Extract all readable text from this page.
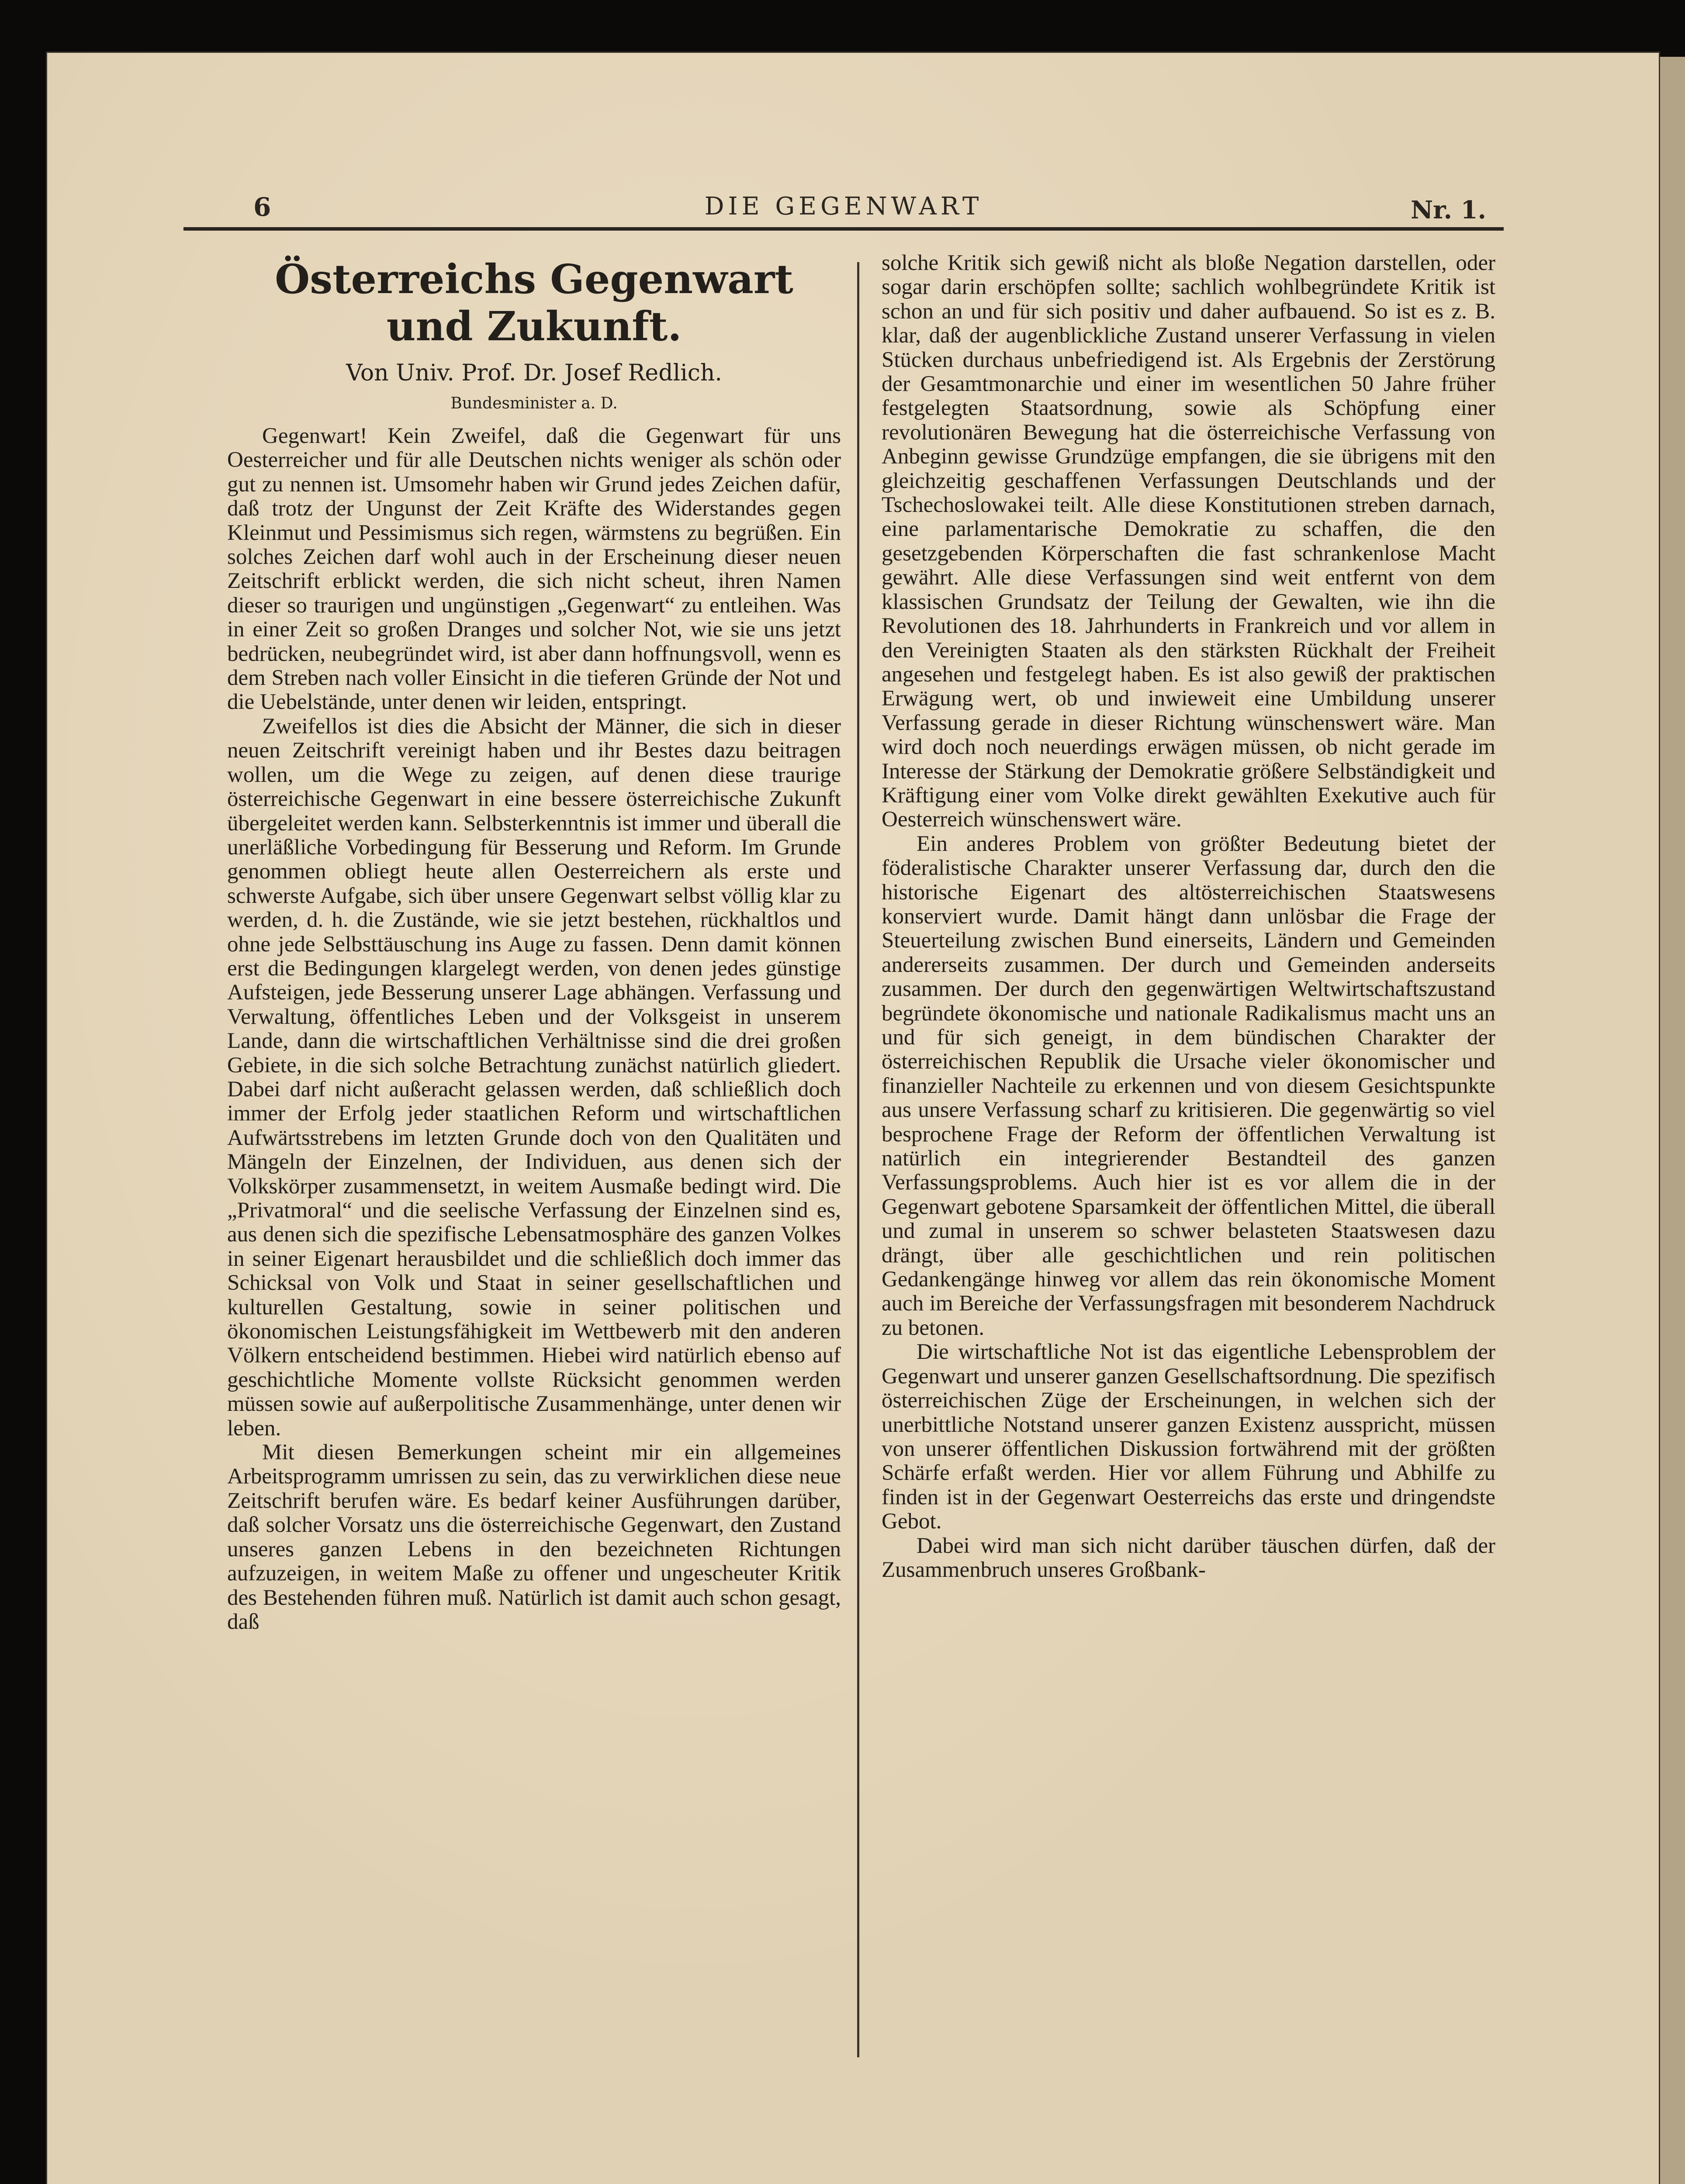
6	DIE GEGENWART	Nr. 1.
Österreichs Gegenwart
und Zukunft.
Von Univ. Prof. Dr. Josef Redlich.
Bundesminister a. D.

Gegenwart! Kein Zweifel, daß die Gegenwart für uns Oesterreicher und für alle Deutschen nichts weniger als schön oder gut zu nennen ist. Umsomehr haben wir Grund jedes Zeichen dafür, daß trotz der Ungunst der Zeit Kräfte des Widerstandes gegen Kleinmut und Pessimismus sich regen, wärmstens zu begrüßen. Ein solches Zeichen darf wohl auch in der Erscheinung dieser neuen Zeitschrift erblickt werden, die sich nicht scheut, ihren Namen dieser so traurigen und ungünstigen „Gegenwart“ zu entleihen. Was in einer Zeit so großen Dranges und solcher Not, wie sie uns jetzt bedrücken, neubegründet wird, ist aber dann hoffnungsvoll, wenn es dem Streben nach voller Einsicht in die tieferen Gründe der Not und die Uebelstände, unter denen wir leiden, entspringt.

Zweifellos ist dies die Absicht der Männer, die sich in dieser neuen Zeitschrift vereinigt haben und ihr Bestes dazu beitragen wollen, um die Wege zu zeigen, auf denen diese traurige österreichische Gegenwart in eine bessere österreichische Zukunft übergeleitet werden kann. Selbsterkenntnis ist immer und überall die unerläßliche Vorbedingung für Besserung und Reform. Im Grunde genommen obliegt heute allen Oesterreichern als erste und schwerste Aufgabe, sich über unsere Gegenwart selbst völlig klar zu werden, d. h. die Zustände, wie sie jetzt bestehen, rückhaltlos und ohne jede Selbsttäuschung ins Auge zu fassen. Denn damit können erst die Bedingungen klargelegt werden, von denen jedes günstige Aufsteigen, jede Besserung unserer Lage abhängen. Verfassung und Verwaltung, öffentliches Leben und der Volksgeist in unserem Lande, dann die wirtschaftlichen Verhältnisse sind die drei großen Gebiete, in die sich solche Betrachtung zunächst natürlich gliedert. Dabei darf nicht außeracht gelassen werden, daß schließlich doch immer der Erfolg jeder staatlichen Reform und wirtschaftlichen Aufwärtsstrebens im letzten Grunde doch von den Qualitäten und Mängeln der Einzelnen, der Individuen, aus denen sich der Volkskörper zusammensetzt, in weitem Ausmaße bedingt wird. Die „Privatmoral“ und die seelische Verfassung der Einzelnen sind es, aus denen sich die spezifische Lebensatmosphäre des ganzen Volkes in seiner Eigenart herausbildet und die schließlich doch immer das Schicksal von Volk und Staat in seiner gesellschaftlichen und kulturellen Gestaltung, sowie in seiner politischen und ökonomischen Leistungsfähigkeit im Wettbewerb mit den anderen Völkern entscheidend bestimmen. Hiebei wird natürlich ebenso auf geschichtliche Momente vollste Rücksicht genommen werden müssen sowie auf außerpolitische Zusammenhänge, unter denen wir leben.

Mit diesen Bemerkungen scheint mir ein allgemeines Arbeitsprogramm umrissen zu sein, das zu verwirklichen diese neue Zeitschrift berufen wäre. Es bedarf keiner Ausführungen darüber, daß solcher Vorsatz uns die österreichische Gegenwart, den Zustand unseres ganzen Lebens in den bezeichneten Richtungen aufzuzeigen, in weitem Maße zu offener und ungescheuter Kritik des Bestehenden führen muß. Natürlich ist damit auch schon gesagt, daß

solche Kritik sich gewiß nicht als bloße Negation darstellen, oder sogar darin erschöpfen sollte; sachlich wohlbegründete Kritik ist schon an und für sich positiv und daher aufbauend. So ist es z. B. klar, daß der augenblickliche Zustand unserer Verfassung in vielen Stücken durchaus unbefriedigend ist. Als Ergebnis der Zerstörung der Gesamtmonarchie und einer im wesentlichen 50 Jahre früher festgelegten Staatsordnung, sowie als Schöpfung einer revolutionären Bewegung hat die österreichische Verfassung von Anbeginn gewisse Grundzüge empfangen, die sie übrigens mit den gleichzeitig geschaffenen Verfassungen Deutschlands und der Tschechoslowakei teilt. Alle diese Konstitutionen streben darnach, eine parlamentarische Demokratie zu schaffen, die den gesetzgebenden Körperschaften die fast schrankenlose Macht gewährt. Alle diese Verfassungen sind weit entfernt von dem klassischen Grundsatz der Teilung der Gewalten, wie ihn die Revolutionen des 18. Jahrhunderts in Frankreich und vor allem in den Vereinigten Staaten als den stärksten Rückhalt der Freiheit angesehen und festgelegt haben. Es ist also gewiß der praktischen Erwägung wert, ob und inwieweit eine Umbildung unserer Verfassung gerade in dieser Richtung wünschenswert wäre. Man wird doch noch neuerdings erwägen müssen, ob nicht gerade im Interesse der Stärkung der Demokratie größere Selbständigkeit und Kräftigung einer vom Volke direkt gewählten Exekutive auch für Oesterreich wünschenswert wäre.

Ein anderes Problem von größter Bedeutung bietet der föderalistische Charakter unserer Verfassung dar, durch den die historische Eigenart des altösterreichischen Staatswesens konserviert wurde. Damit hängt dann unlösbar die Frage der Steuerteilung zwischen Bund einerseits, Ländern und Gemeinden andererseits zusammen. Der durch und Gemeinden anderseits zusammen. Der durch den gegenwärtigen Weltwirtschaftszustand begründete ökonomische und nationale Radikalismus macht uns an und für sich geneigt, in dem bündischen Charakter der österreichischen Republik die Ursache vieler ökonomischer und finanzieller Nachteile zu erkennen und von diesem Gesichtspunkte aus unsere Verfassung scharf zu kritisieren. Die gegenwärtig so viel besprochene Frage der Reform der öffentlichen Verwaltung ist natürlich ein integrierender Bestandteil des ganzen Verfassungsproblems. Auch hier ist es vor allem die in der Gegenwart gebotene Sparsamkeit der öffentlichen Mittel, die überall und zumal in unserem so schwer belasteten Staatswesen dazu drängt, über alle geschichtlichen und rein politischen Gedankengänge hinweg vor allem das rein ökonomische Moment auch im Bereiche der Verfassungsfragen mit besonderem Nachdruck zu betonen.

Die wirtschaftliche Not ist das eigentliche Lebensproblem der Gegenwart und unserer ganzen Gesellschaftsordnung. Die spezifisch österreichischen Züge der Erscheinungen, in welchen sich der unerbittliche Notstand unserer ganzen Existenz ausspricht, müssen von unserer öffentlichen Diskussion fortwährend mit der größten Schärfe erfaßt werden. Hier vor allem Führung und Abhilfe zu finden ist in der Gegenwart Oesterreichs das erste und dringendste Gebot.

Dabei wird man sich nicht darüber täuschen dürfen, daß der Zusammenbruch unseres Großbank-
